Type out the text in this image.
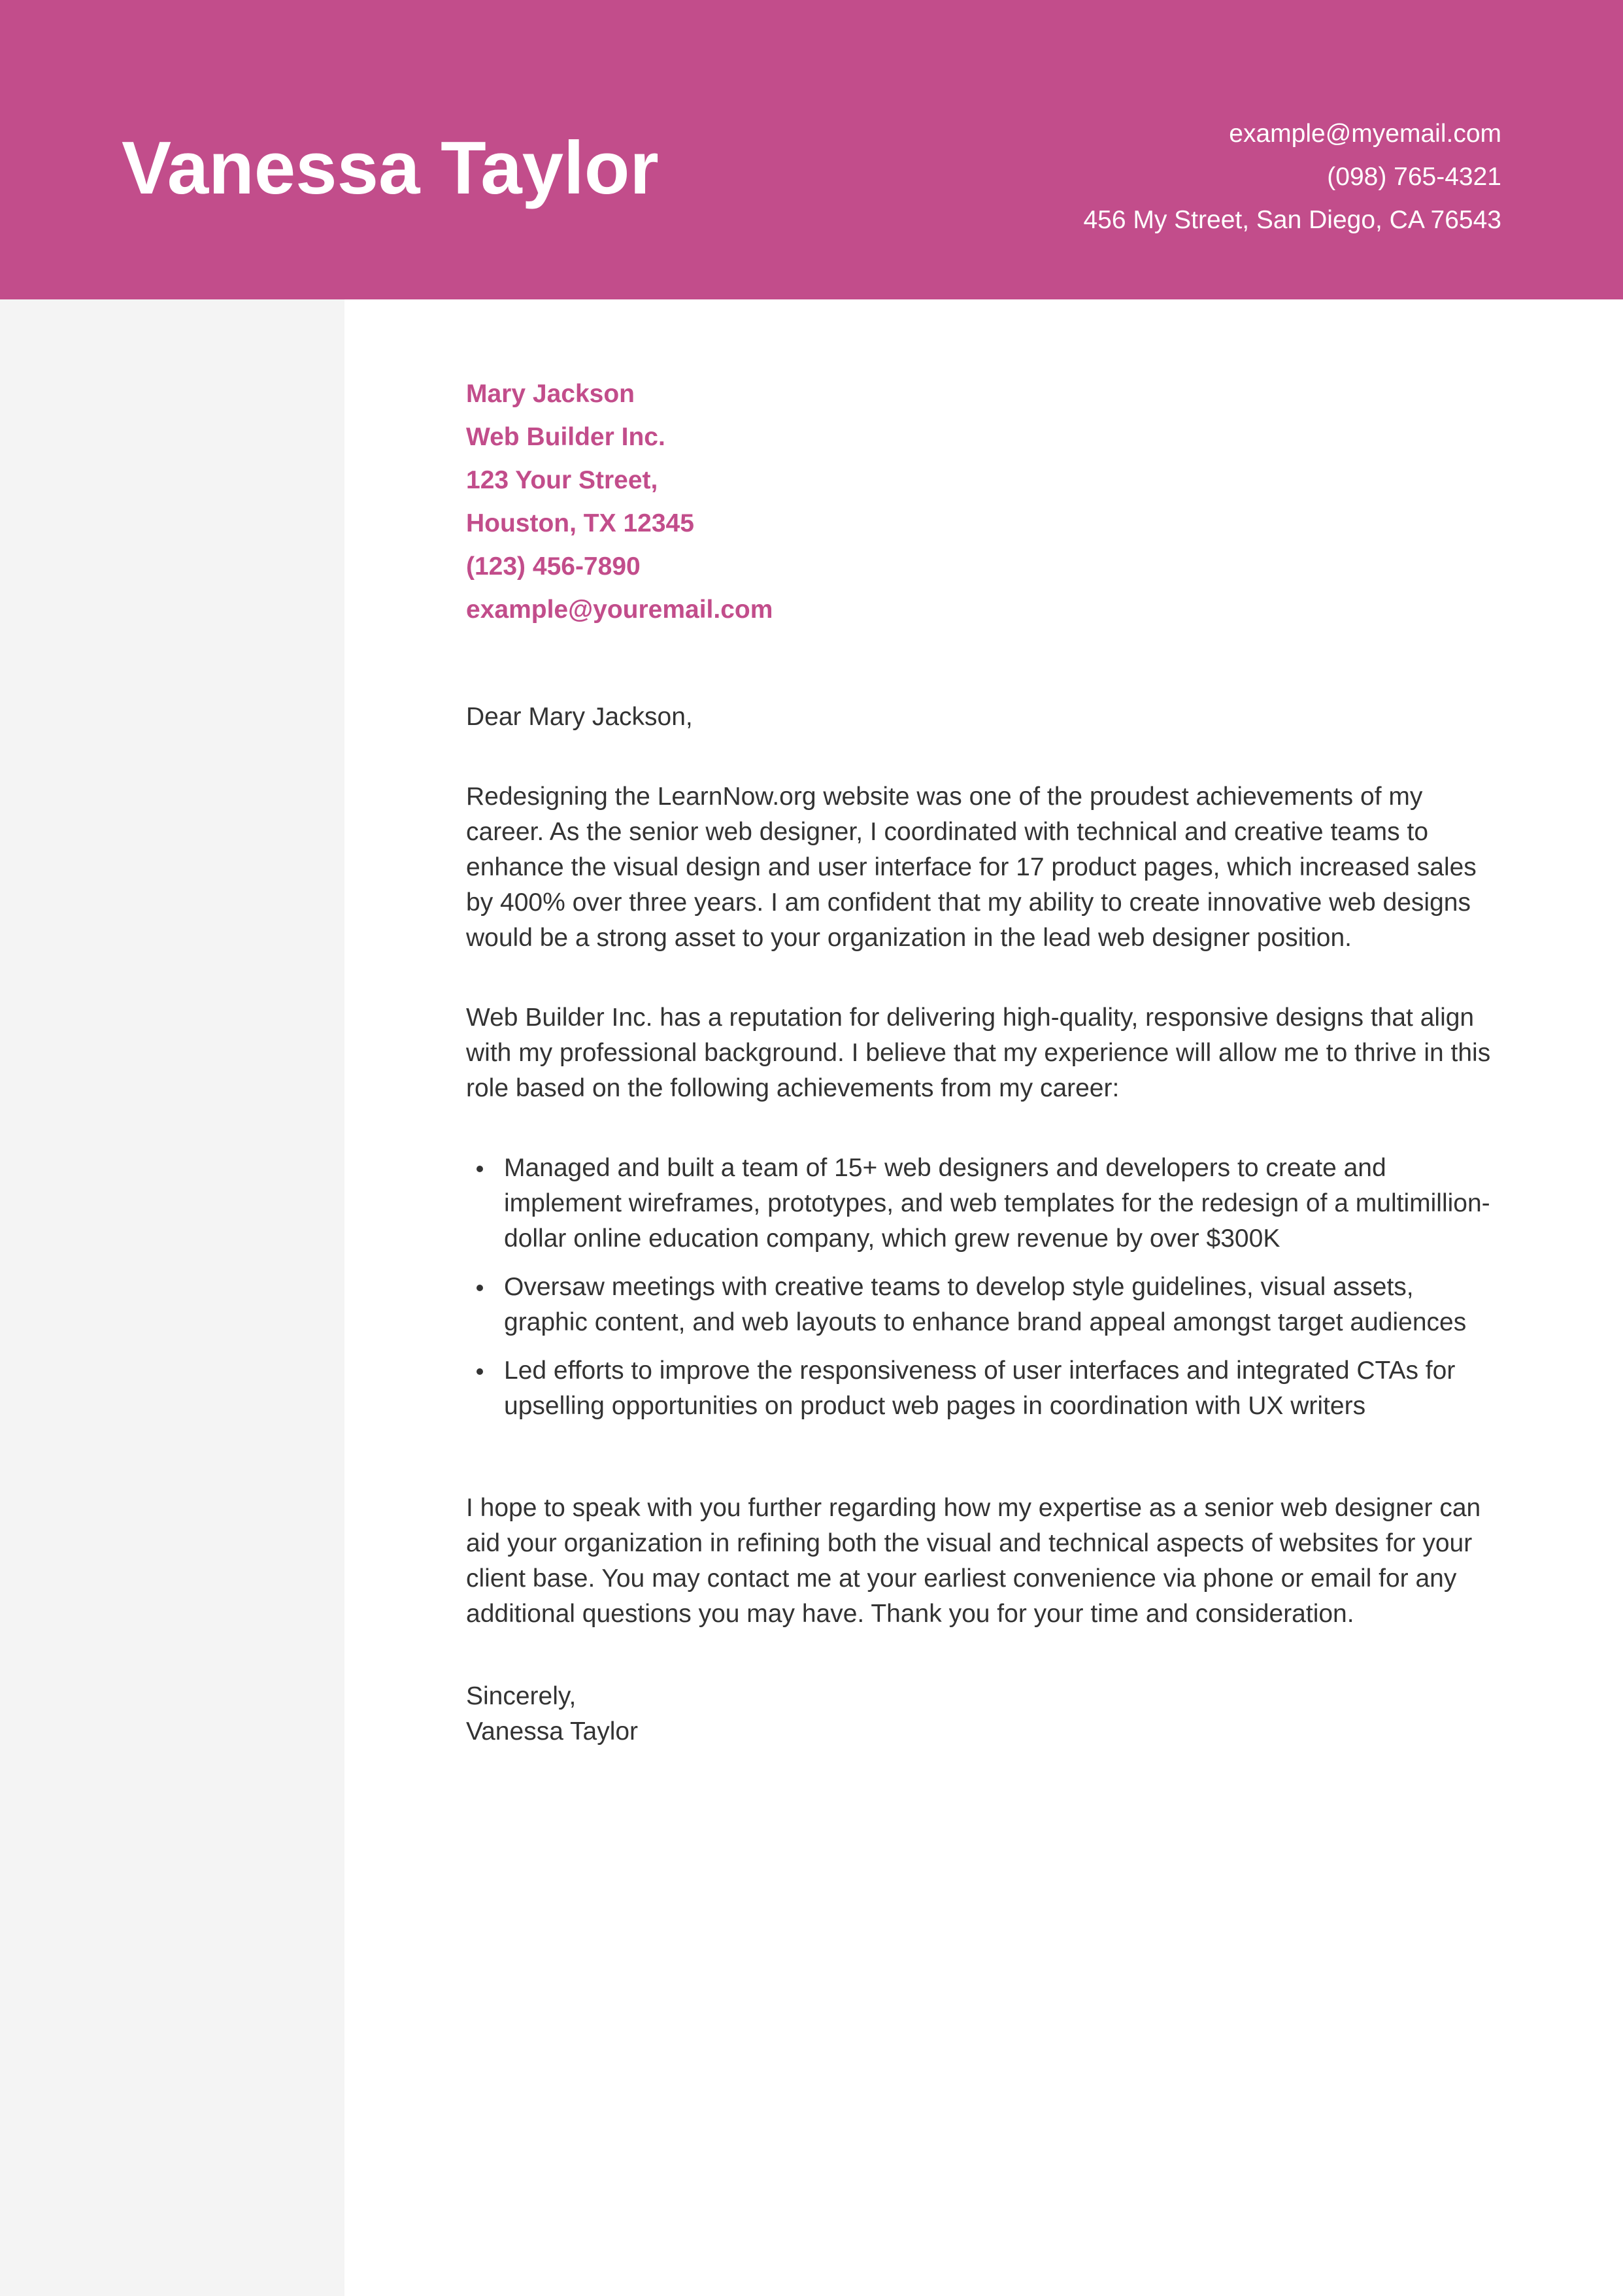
Vanessa Taylor	example@myemail.com
(098) 765-4321
456 My Street, San Diego, CA 76543
Mary Jackson
Web Builder Inc.
123 Your Street,
Houston, TX 12345
(123) 456-7890
example@youremail.com
Dear Mary Jackson,

Redesigning the LearnNow.org website was one of the proudest achievements of my career. As the senior web designer, I coordinated with technical and creative teams to enhance the visual design and user interface for 17 product pages, which increased sales by 400% over three years. I am confident that my ability to create innovative web designs would be a strong asset to your organization in the lead web designer position.

Web Builder Inc. has a reputation for delivering high-quality, responsive designs that align with my professional background. I believe that my experience will allow me to thrive in this role based on the following achievements from my career:

Managed and built a team of 15+ web designers and developers to create and implement wireframes, prototypes, and web templates for the redesign of a multimillion-dollar online education company, which grew revenue by over $300K
Oversaw meetings with creative teams to develop style guidelines, visual assets, graphic content, and web layouts to enhance brand appeal amongst target audiences
Led efforts to improve the responsiveness of user interfaces and integrated CTAs for upselling opportunities on product web pages in coordination with UX writers

I hope to speak with you further regarding how my expertise as a senior web designer can aid your organization in refining both the visual and technical aspects of websites for your client base. You may contact me at your earliest convenience via phone or email for any additional questions you may have. Thank you for your time and consideration.

Sincerely,
Vanessa Taylor
